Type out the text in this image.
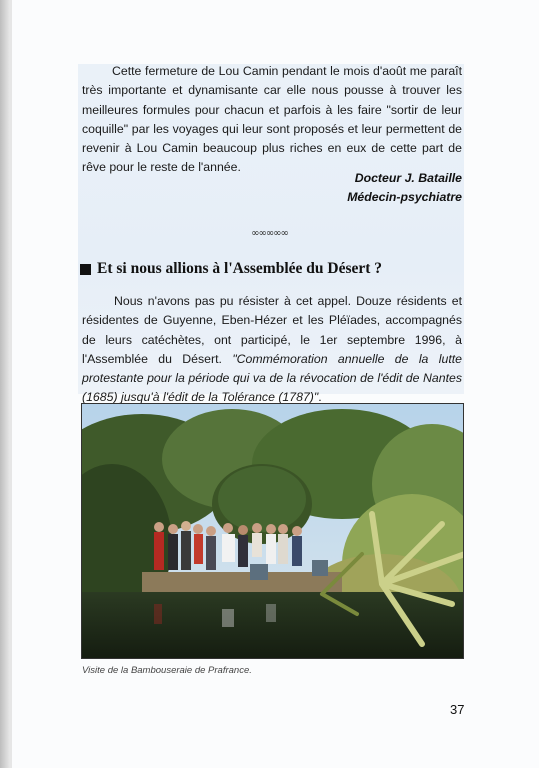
Cette fermeture de Lou Camin pendant le mois d'août me paraît très importante et dynamisante car elle nous pousse à trouver les meilleures formules pour chacun et parfois à les faire "sortir de leur coquille" par les voyages qui leur sont proposés et leur permettent de revenir à Lou Camin beaucoup plus riches en eux de cette part de rêve pour le reste de l'année.

Docteur J. Bataille
Médecin-psychiatre
∞∞∞∞∞
Et si nous allions à l'Assemblée du Désert ?

Nous n'avons pas pu résister à cet appel. Douze résidents et résidentes de Guyenne, Eben-Hézer et les Pléïades, accompagnés de leurs catéchètes, ont participé, le 1er septembre 1996, à l'Assemblée du Désert. "Commémoration annuelle de la lutte protestante pour la période qui va de la révocation de l'édit de Nantes (1685) jusqu'à l'édit de la Tolérance (1787)".

Visite de la Bambouseraie de Prafrance.
37
